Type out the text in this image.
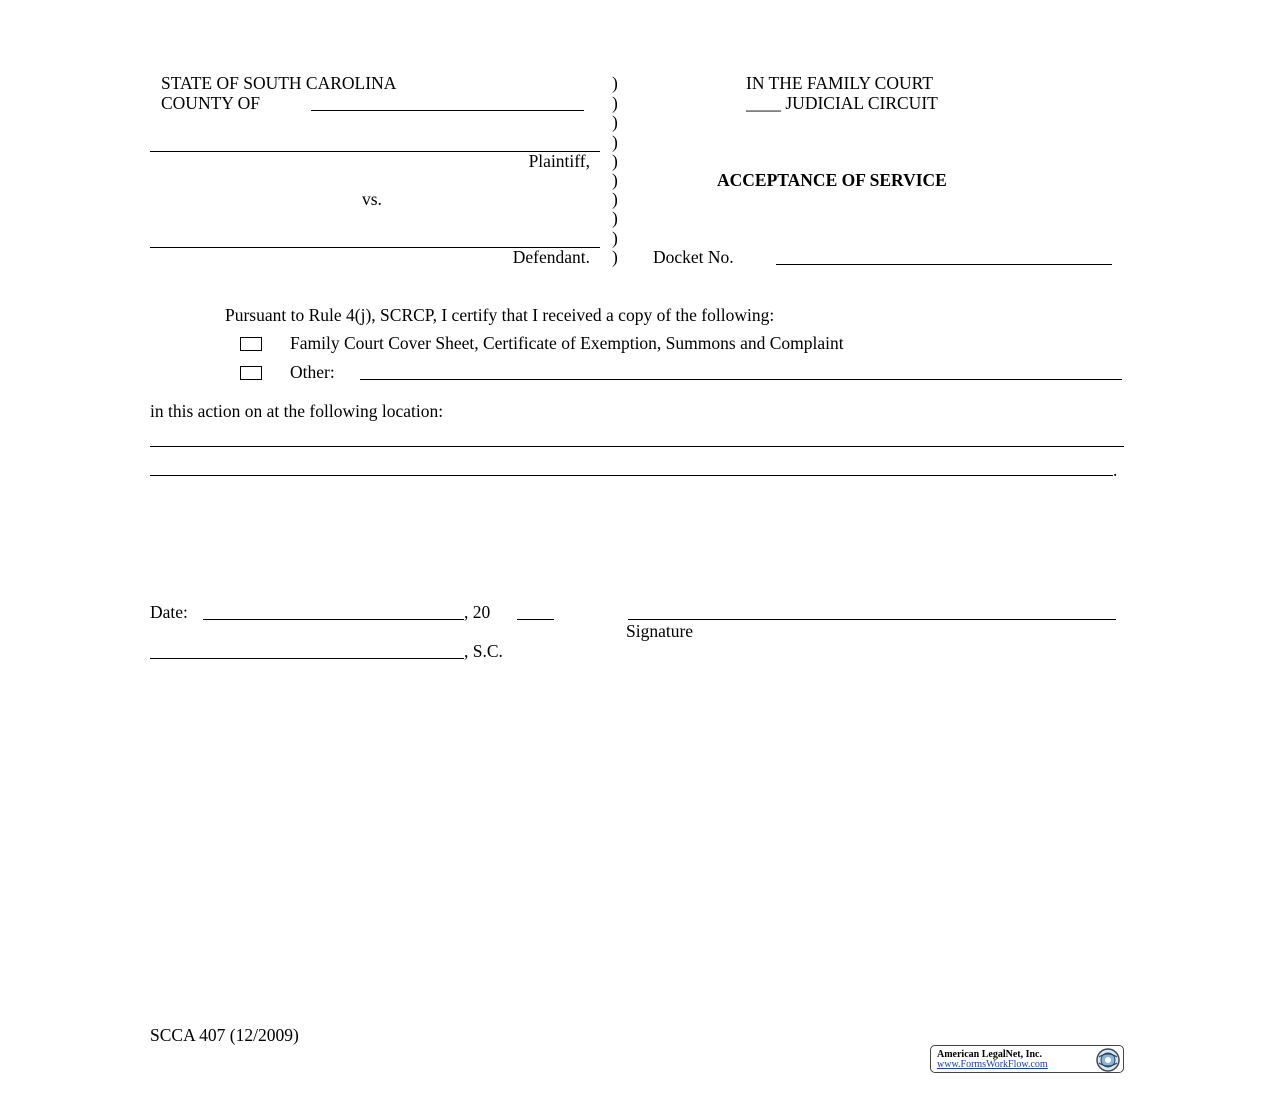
STATE OF SOUTH CAROLINA
COUNTY OF
Plaintiff,
vs.
Defendant.
)
)
)
)
)
)
)
)
)
)
IN THE FAMILY COURT
____ JUDICIAL CIRCUIT
ACCEPTANCE OF SERVICE
Docket No.
Pursuant to Rule 4(j), SCRCP, I certify that I received a copy of the following:
Family Court Cover Sheet, Certificate of Exemption, Summons and Complaint
Other:
in this action on at the following location:
.
Date:	, 20
Signature
, S.C.
SCCA 407 (12/2009)
American LegalNet, Inc.
www.FormsWorkFlow.com
